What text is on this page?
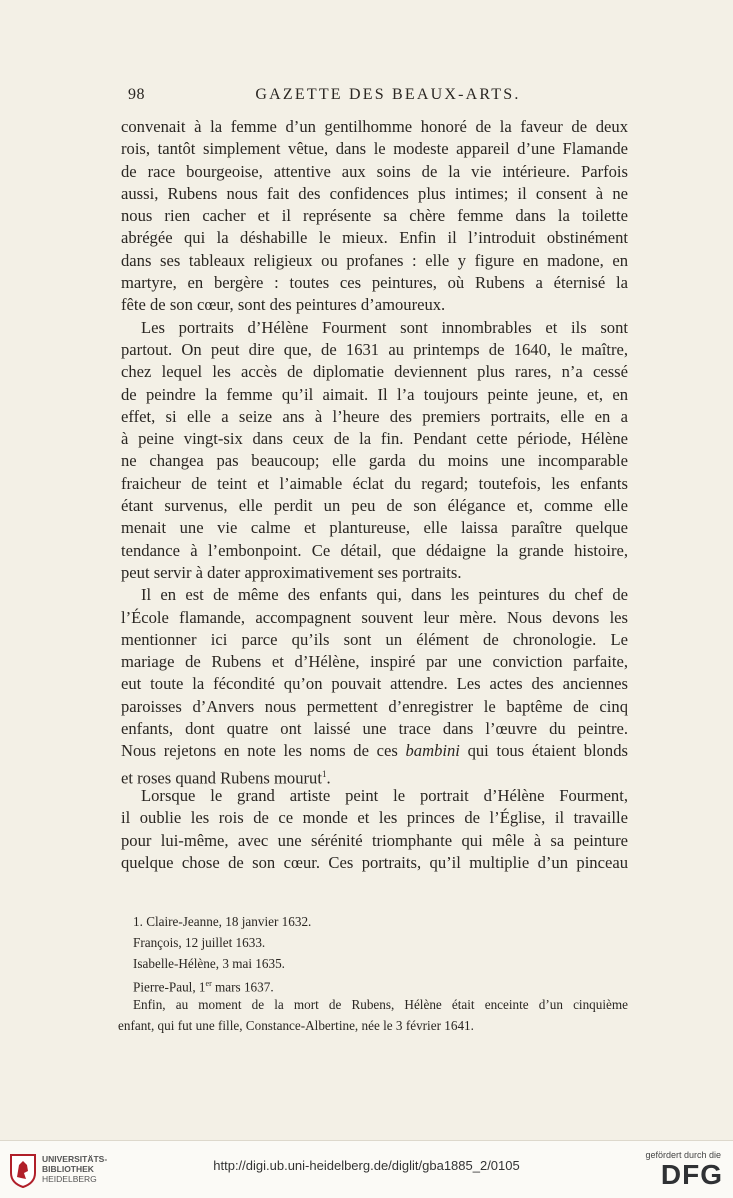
98	GAZETTE DES BEAUX-ARTS.
convenait à la femme d’un gentilhomme honoré de la faveur de deux
rois, tantôt simplement vêtue, dans le modeste appareil d’une Flamande
de race bourgeoise, attentive aux soins de la vie intérieure. Parfois
aussi, Rubens nous fait des confidences plus intimes; il consent à ne
nous rien cacher et il représente sa chère femme dans la toilette
abrégée qui la déshabille le mieux. Enfin il l’introduit obstinément
dans ses tableaux religieux ou profanes : elle y figure en madone, en
martyre, en bergère : toutes ces peintures, où Rubens a éternisé la
fête de son cœur, sont des peintures d’amoureux.
Les portraits d’Hélène Fourment sont innombrables et ils sont
partout. On peut dire que, de 1631 au printemps de 1640, le maître,
chez lequel les accès de diplomatie deviennent plus rares, n’a cessé
de peindre la femme qu’il aimait. Il l’a toujours peinte jeune, et, en
effet, si elle a seize ans à l’heure des premiers portraits, elle en a
à peine vingt-six dans ceux de la fin. Pendant cette période, Hélène
ne changea pas beaucoup; elle garda du moins une incomparable
fraicheur de teint et l’aimable éclat du regard; toutefois, les enfants
étant survenus, elle perdit un peu de son élégance et, comme elle
menait une vie calme et plantureuse, elle laissa paraître quelque
tendance à l’embonpoint. Ce détail, que dédaigne la grande histoire,
peut servir à dater approximativement ses portraits.
Il en est de même des enfants qui, dans les peintures du chef de
l’École flamande, accompagnent souvent leur mère. Nous devons les
mentionner ici parce qu’ils sont un élément de chronologie. Le
mariage de Rubens et d’Hélène, inspiré par une conviction parfaite,
eut toute la fécondité qu’on pouvait attendre. Les actes des anciennes
paroisses d’Anvers nous permettent d’enregistrer le baptême de cinq
enfants, dont quatre ont laissé une trace dans l’œuvre du peintre.
Nous rejetons en note les noms de ces bambini qui tous étaient blonds
et roses quand Rubens mourut$^1$.
Lorsque le grand artiste peint le portrait d’Hélène Fourment,
il oublie les rois de ce monde et les princes de l’Église, il travaille
pour lui-même, avec une sérénité triomphante qui mêle à sa peinture
quelque chose de son cœur. Ces portraits, qu’il multiplie d’un pinceau
1. Claire-Jeanne, 18 janvier 1632.
François, 12 juillet 1633.
Isabelle-Hélène, 3 mai 1635.
Pierre-Paul, 1er mars 1637.
Enfin, au moment de la mort de Rubens, Hélène était enceinte d’un cinquième
enfant, qui fut une fille, Constance-Albertine, née le 3 février 1641.
UNIVERSITÄTS-
BIBLIOTHEK
HEIDELBERG
http://digi.ub.uni-heidelberg.de/diglit/gba1885_2/0105
gefördert durch die
DFG
